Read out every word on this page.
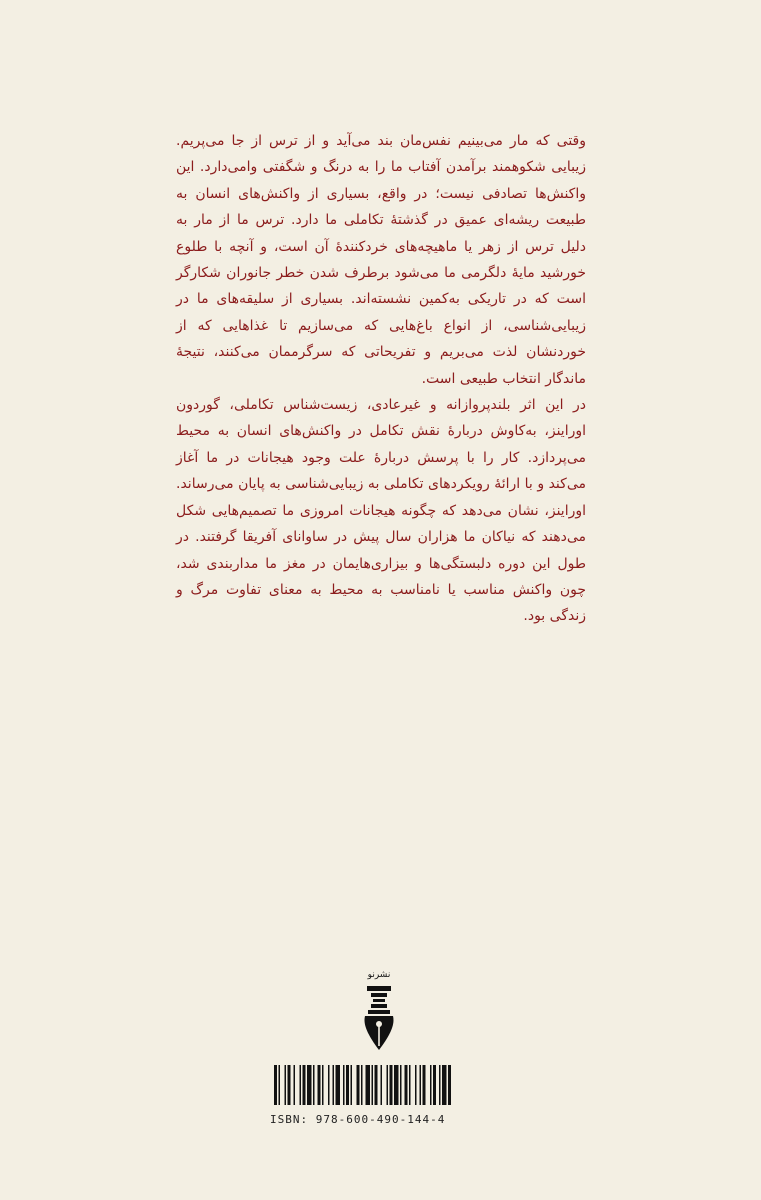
وقتی که مار می‌بینیم نفس‌مان بند می‌آید و از ترس از جا می‌پریم. زیبایی شکوهمند برآمدن آفتاب ما را به درنگ و شگفتی وامی‌دارد. این واکنش‌ها تصادفی نیست؛ در واقع، بسیاری از واکنش‌های انسان به طبیعت ریشه‌ای عمیق در گذشتهٔ تکاملی ما دارد. ترس ما از مار به دلیل ترس از زهر یا ماهیچه‌های خردکنندهٔ آن است، و آنچه با طلوع خورشید مایهٔ دلگرمی ما می‌شود برطرف شدن خطر جانوران شکارگر است که در تاریکی به‌کمین نشسته‌اند. بسیاری از سلیقه‌های ما در زیبایی‌شناسی، از انواع باغ‌هایی که می‌سازیم تا غذاهایی که از خوردنشان لذت می‌بریم و تفریحاتی که سرگرممان می‌کنند، نتیجهٔ ماندگار انتخاب طبیعی است.

در این اثر بلندپروازانه و غیرعادی، زیست‌شناس تکاملی، گوردون اوراینز، به‌کاوش دربارهٔ نقش تکامل در واکنش‌های انسان به محیط می‌پردازد. کار را با پرسش دربارهٔ علت وجود هیجانات در ما آغاز می‌کند و با ارائهٔ رویکردهای تکاملی به زیبایی‌شناسی به پایان می‌رساند. اوراینز، نشان می‌دهد که چگونه هیجانات امروزی ما تصمیم‌هایی شکل می‌دهند که نیاکان ما هزاران سال پیش در ساوانای آفریقا گرفتند. در طول این دوره دلبستگی‌ها و بیزاری‌هایمان در مغز ما مداربندی شد، چون واکنش مناسب یا نامناسب به محیط به معنای تفاوت مرگ و زندگی بود.

نشرنو
ISBN: 978-600-490-144-4
